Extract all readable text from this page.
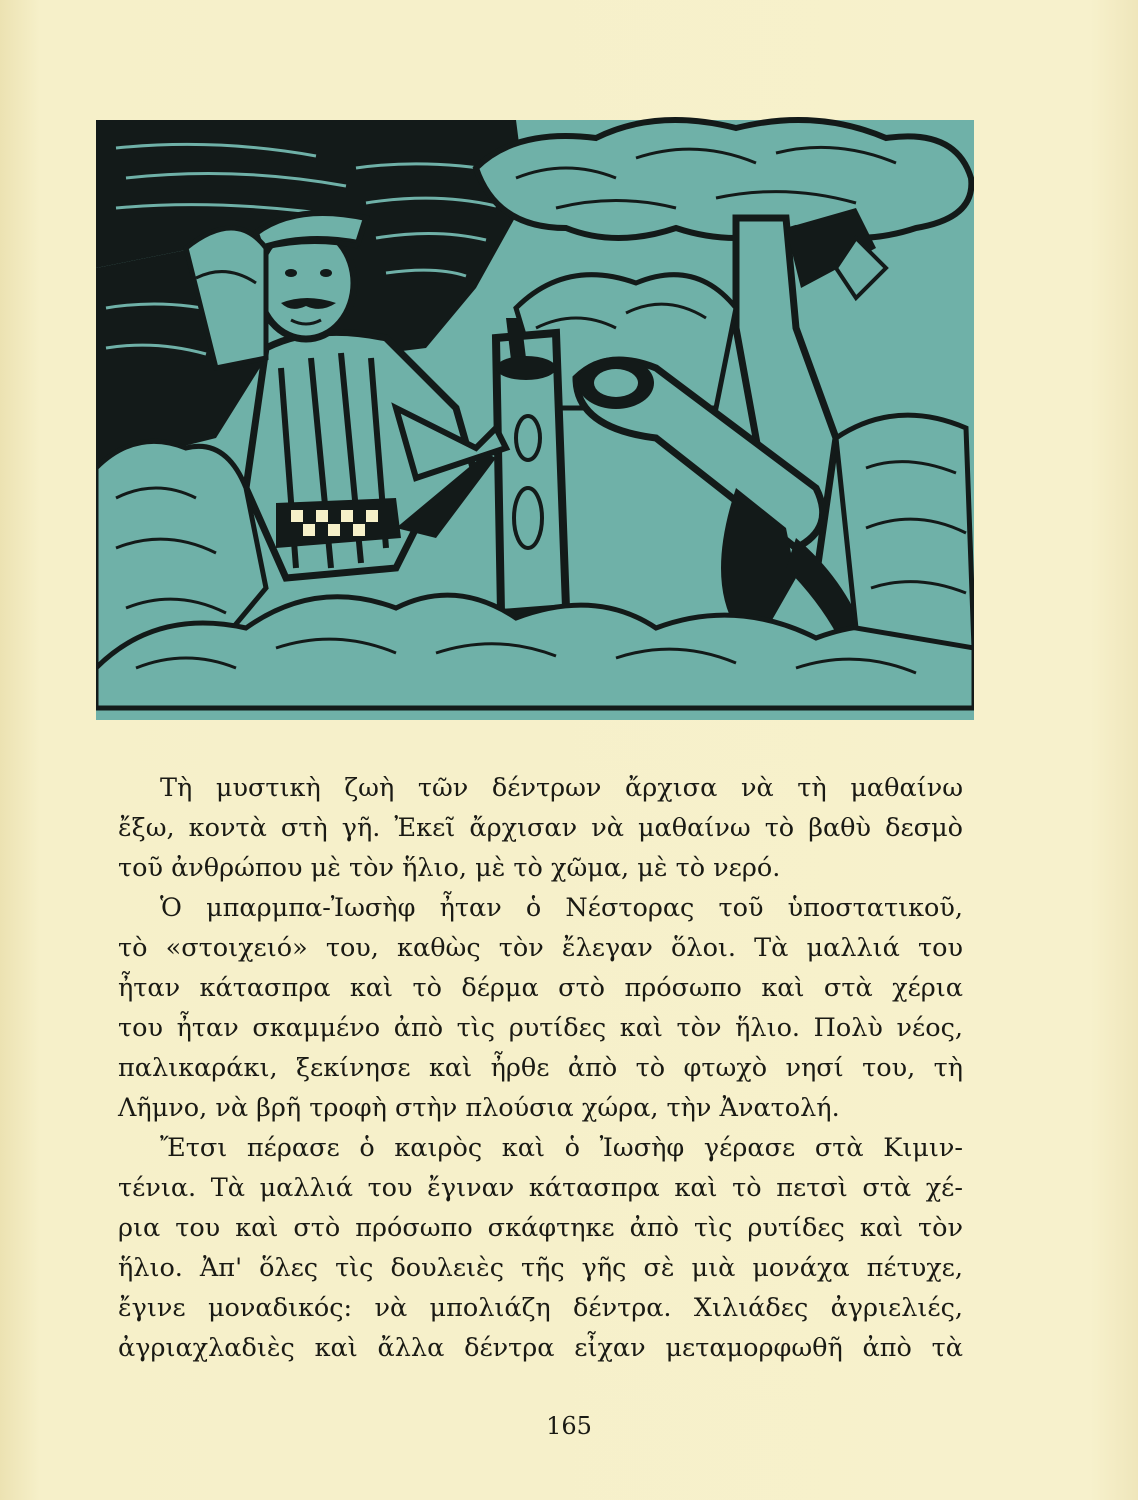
Τὴ μυστικὴ ζωὴ τῶν δέντρων ἄρχισα νὰ τὴ μαθαίνω
ἔξω, κοντὰ στὴ γῆ. Ἐκεῖ ἄρχισαν νὰ μαθαίνω τὸ βαθὺ δεσμὸ
τοῦ ἀνθρώπου μὲ τὸν ἥλιο, μὲ τὸ χῶμα, μὲ τὸ νερό.

Ὁ μπαρμπα-Ἰωσὴφ ἦταν ὁ Νέστορας τοῦ ὑποστατικοῦ,
τὸ «στοιχειό» του, καθὼς τὸν ἔλεγαν ὅλοι. Τὰ μαλλιά του
ἦταν κάτασπρα καὶ τὸ δέρμα στὸ πρόσωπο καὶ στὰ χέρια
του ἦταν σκαμμένο ἀπὸ τὶς ρυτίδες καὶ τὸν ἥλιο. Πολὺ νέος,
παλικαράκι, ξεκίνησε καὶ ἦρθε ἀπὸ τὸ φτωχὸ νησί του, τὴ
Λῆμνο, νὰ βρῆ τροφὴ στὴν πλούσια χώρα, τὴν Ἀνατολή.

Ἔτσι πέρασε ὁ καιρὸς καὶ ὁ Ἰωσὴφ γέρασε στὰ Κιμιν-
τένια. Τὰ μαλλιά του ἔγιναν κάτασπρα καὶ τὸ πετσὶ στὰ χέ-
ρια του καὶ στὸ πρόσωπο σκάφτηκε ἀπὸ τὶς ρυτίδες καὶ τὸν
ἥλιο. Ἀπ' ὅλες τὶς δουλειὲς τῆς γῆς σὲ μιὰ μονάχα πέτυχε,
ἔγινε μοναδικός: νὰ μπολιάζη δέντρα. Χιλιάδες ἀγριελιές,
ἀγριαχλαδιὲς καὶ ἄλλα δέντρα εἶχαν μεταμορφωθῆ ἀπὸ τὰ

165
